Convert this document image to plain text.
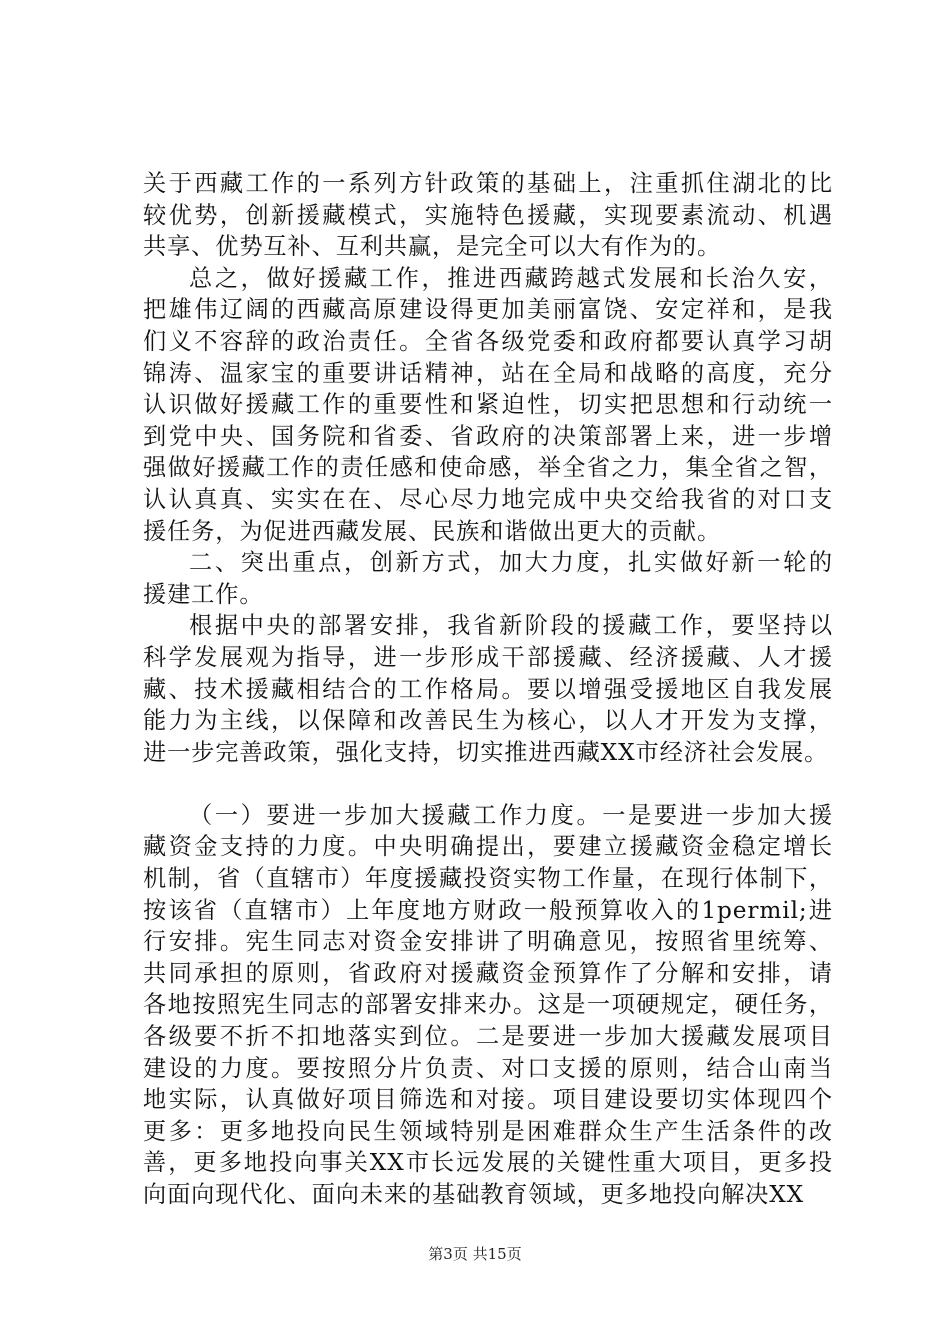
关于西藏工作的一系列方针政策的基础上，注重抓住湖北的比
较优势，创新援藏模式，实施特色援藏，实现要素流动、机遇
共享、优势互补、互利共赢，是完全可以大有作为的。
总之，做好援藏工作，推进西藏跨越式发展和长治久安，
把雄伟辽阔的西藏高原建设得更加美丽富饶、安定祥和，是我
们义不容辞的政治责任。全省各级党委和政府都要认真学习胡
锦涛、温家宝的重要讲话精神，站在全局和战略的高度，充分
认识做好援藏工作的重要性和紧迫性，切实把思想和行动统一
到党中央、国务院和省委、省政府的决策部署上来，进一步增
强做好援藏工作的责任感和使命感，举全省之力，集全省之智，
认认真真、实实在在、尽心尽力地完成中央交给我省的对口支
援任务，为促进西藏发展、民族和谐做出更大的贡献。
二、突出重点，创新方式，加大力度，扎实做好新一轮的
援建工作。
根据中央的部署安排，我省新阶段的援藏工作，要坚持以
科学发展观为指导，进一步形成干部援藏、经济援藏、人才援
藏、技术援藏相结合的工作格局。要以增强受援地区自我发展
能力为主线，以保障和改善民生为核心，以人才开发为支撑，
进一步完善政策，强化支持，切实推进西藏XX市经济社会发展。
（一）要进一步加大援藏工作力度。一是要进一步加大援
藏资金支持的力度。中央明确提出，要建立援藏资金稳定增长
机制，省（直辖市）年度援藏投资实物工作量，在现行体制下，
按该省（直辖市）上年度地方财政一般预算收入的1permil;进
行安排。宪生同志对资金安排讲了明确意见，按照省里统筹、
共同承担的原则，省政府对援藏资金预算作了分解和安排，请
各地按照宪生同志的部署安排来办。这是一项硬规定，硬任务，
各级要不折不扣地落实到位。二是要进一步加大援藏发展项目
建设的力度。要按照分片负责、对口支援的原则，结合山南当
地实际，认真做好项目筛选和对接。项目建设要切实体现四个
更多：更多地投向民生领域特别是困难群众生产生活条件的改
善，更多地投向事关XX市长远发展的关键性重大项目，更多投
向面向现代化、面向未来的基础教育领域，更多地投向解决XX
第3页 共15页
